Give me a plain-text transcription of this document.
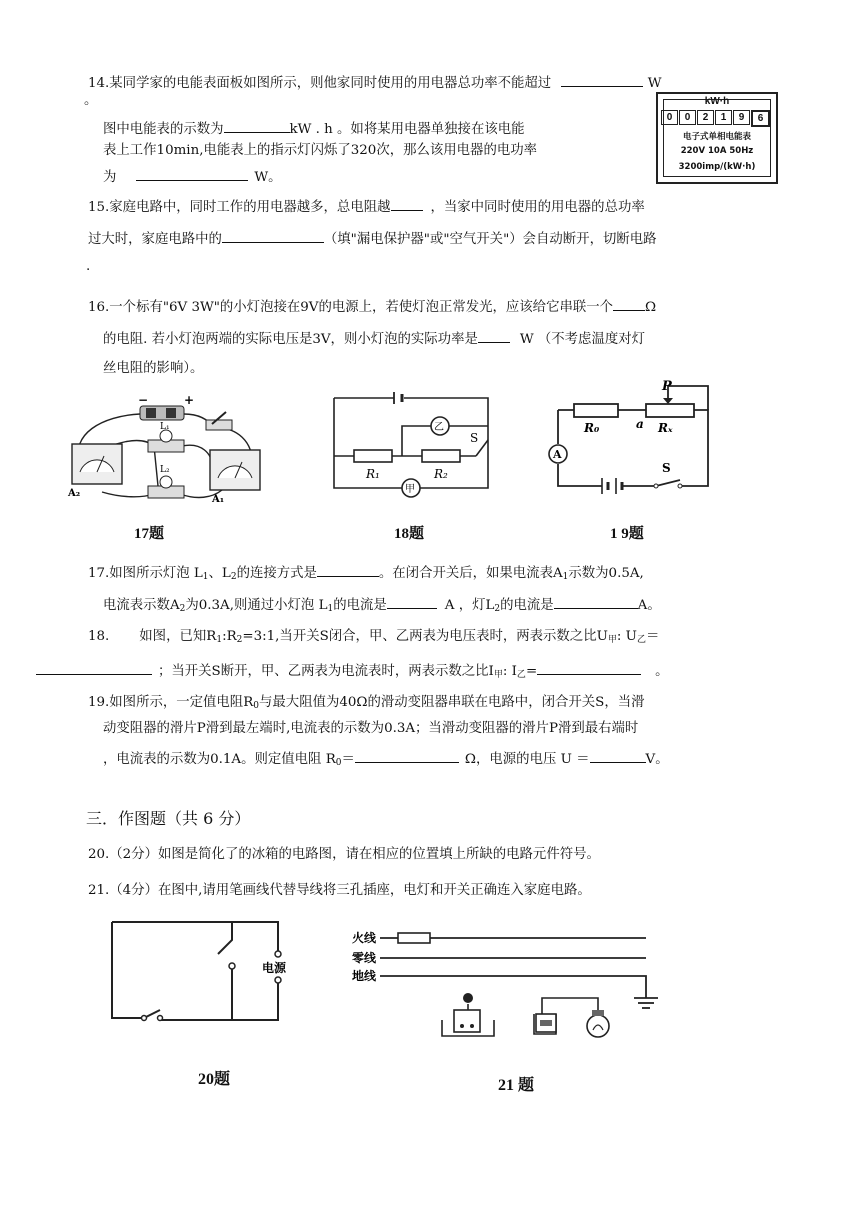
14.某同学家的电能表面板如图所示，则他家同时使用的用电器总功率不能超过	W
。
图中电能表的示数为	kW . h 。如将某用电器单独接在该电能
表上工作10min,电能表上的指示灯闪烁了320次，那么该用电器的电功率
为	W。
kW·h
0	0	2	1	9	6
电子式单相电能表
220V 10A 50Hz
3200imp/(kW·h)
15.家庭电路中，同时工作的用电器越多，总电阻越	，当家中同时使用的用电器的总功率
过大时，家庭电路中的	（填"漏电保护器"或"空气开关"）会自动断开，切断电路
.
16.一个标有"6V 3W"的小灯泡接在9V的电源上，若使灯泡正常发光，应该给它串联一个 Ω
的电阻. 若小灯泡两端的实际电压是3V，则小灯泡的实际功率是	W （不考虑温度对灯
丝电阻的影响）。
−	+
L₁
L₂
A₂
A₁
17题
乙
甲
S
R₁	R₂
18题
P
R₀	a Rₓ
A
S
1 9题
17.如图所示灯泡 $L_1$、$L_2$的连接方式是	。在闭合开关后，如果电流表$A_1$示数为0.5A,
电流表示数$A_2$为0.3A,则通过小灯泡 $L_1$的电流是	A ，灯$L_2$的电流是	A。
18. 如图，已知$R_1:R_2=3:1$,当开关S闭合，甲、乙两表为电压表时，两表示数之比$U_甲$: $U_乙=$
；当开关S断开，甲、乙两表为电流表时，两表示数之比$I_甲$: $I_乙=$	。
19.如图所示，一定值电阻$R_0$与最大阻值为40Ω的滑动变阻器串联在电路中，闭合开关S，当滑
动变阻器的滑片P滑到最左端时,电流表的示数为0.3A；当滑动变阻器的滑片P滑到最右端时
，电流表的示数为0.1A。则定值电阻 $R_0=$	Ω，电源的电压 U ＝	V。
三．作图题（共 6 分）
20.（2分）如图是简化了的冰箱的电路图，请在相应的位置填上所缺的电路元件符号。
21.（4分）在图中,请用笔画线代替导线将三孔插座，电灯和开关正确连入家庭电路。
电源
20题
火线
零线
地线
21 题
